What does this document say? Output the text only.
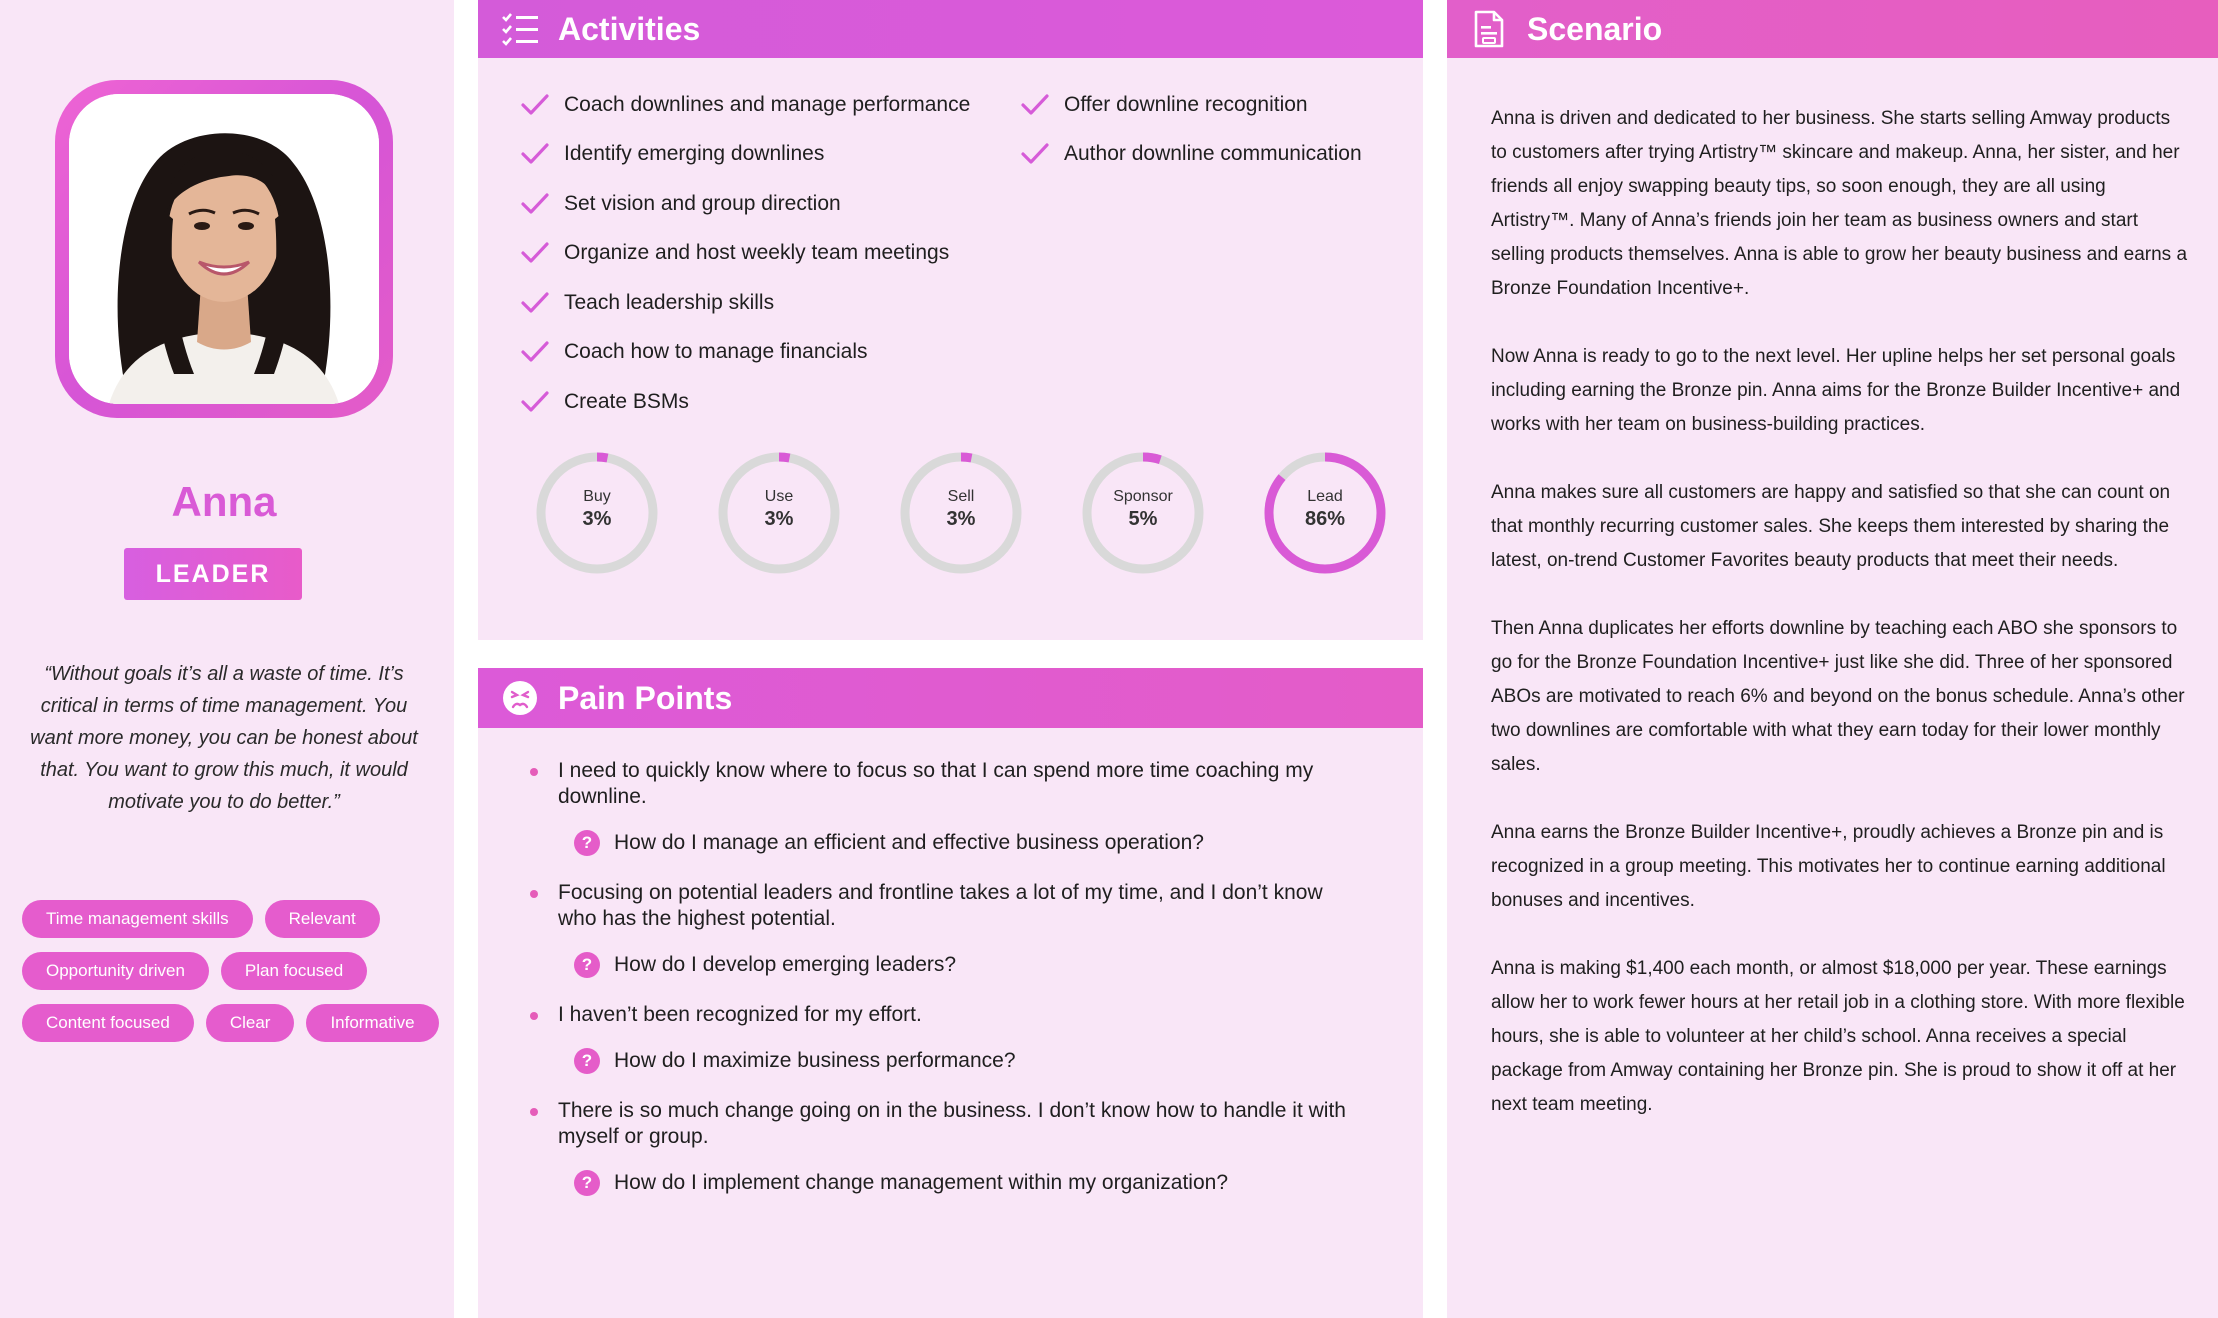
Anna
LEADER
“Without goals it’s all a waste of time. It’s critical in terms of time management. You want more money, you can be honest about that. You want to grow this much, it would motivate you to do better.”
Time management skills	Relevant
Opportunity driven	Plan focused
Content focused	Clear	Informative
Activities
Coach downlines and manage performance
Identify emerging downlines
Set vision and group direction
Organize and host weekly team meetings
Teach leadership skills
Coach how to manage financials
Create BSMs
Offer downline recognition
Author downline communication
Buy
3%
Use
3%
Sell
3%
Sponsor
5%
Lead
86%
Pain Points
I need to quickly know where to focus so that I can spend more time coaching my downline.
?	How do I manage an efficient and effective business operation?
Focusing on potential leaders and frontline takes a lot of my time, and I don’t know who has the highest potential.
?	How do I develop emerging leaders?
I haven’t been recognized for my effort.
?	How do I maximize business performance?
There is so much change going on in the business. I don’t know how to handle it with myself or group.
?	How do I implement change management within my organization?
Scenario

Anna is driven and dedicated to her business. She starts selling Amway products to customers after trying Artistry™ skincare and makeup. Anna, her sister, and her friends all enjoy swapping beauty tips, so soon enough, they are all using Artistry™. Many of Anna’s friends join her team as business owners and start selling products themselves. Anna is able to grow her beauty business and earns a Bronze Foundation Incentive+.

Now Anna is ready to go to the next level. Her upline helps her set personal goals including earning the Bronze pin. Anna aims for the Bronze Builder Incentive+ and works with her team on business-building practices.

Anna makes sure all customers are happy and satisfied so that she can count on that monthly recurring customer sales. She keeps them interested by sharing the latest, on-trend Customer Favorites beauty products that meet their needs.

Then Anna duplicates her efforts downline by teaching each ABO she sponsors to go for the Bronze Foundation Incentive+ just like she did. Three of her sponsored ABOs are motivated to reach 6% and beyond on the bonus schedule. Anna’s other two downlines are comfortable with what they earn today for their lower monthly sales.

Anna earns the Bronze Builder Incentive+, proudly achieves a Bronze pin and is recognized in a group meeting. This motivates her to continue earning additional bonuses and incentives.

Anna is making $1,400 each month, or almost $18,000 per year. These earnings allow her to work fewer hours at her retail job in a clothing store. With more flexible hours, she is able to volunteer at her child’s school. Anna receives a special package from Amway containing her Bronze pin. She is proud to show it off at her next team meeting.
